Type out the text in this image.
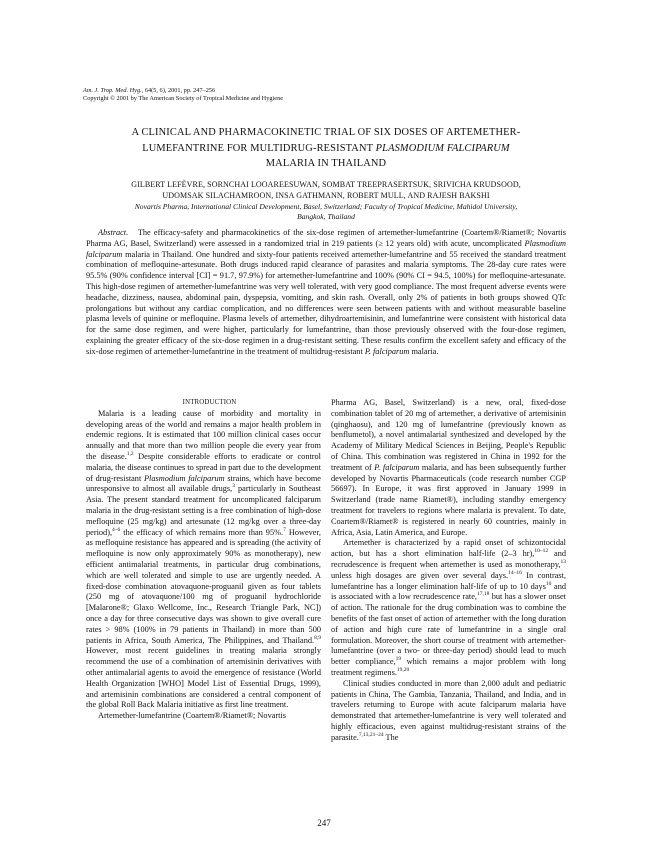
Am. J. Trop. Med. Hyg., 64(5, 6), 2001, pp. 247–256
Copyright © 2001 by The American Society of Tropical Medicine and Hygiene
A CLINICAL AND PHARMACOKINETIC TRIAL OF SIX DOSES OF ARTEMETHER-
LUMEFANTRINE FOR MULTIDRUG-RESISTANT PLASMODIUM FALCIPARUM
MALARIA IN THAILAND
GILBERT LEFÈVRE, SORNCHAI LOOAREESUWAN, SOMBAT TREEPRASERTSUK, SRIVICHA KRUDSOOD,
UDOMSAK SILACHAMROON, INSA GATHMANN, ROBERT MULL, AND RAJESH BAKSHI
Novartis Pharma, International Clinical Development, Basel, Switzerland; Faculty of Tropical Medicine, Mahidol University,
Bangkok, Thailand
Abstract. The efficacy-safety and pharmacokinetics of the six-dose regimen of artemether-lumefantrine (Coartem®/Riamet®; Novartis Pharma AG, Basel, Switzerland) were assessed in a randomized trial in 219 patients (≥ 12 years old) with acute, uncomplicated Plasmodium falciparum malaria in Thailand. One hundred and sixty-four patients received artemether-lumefantrine and 55 received the standard treatment combination of mefloquine-artesunate. Both drugs induced rapid clearance of parasites and malaria symptoms. The 28-day cure rates were 95.5% (90% confidence interval [CI] = 91.7, 97.9%) for artemether-lumefantrine and 100% (90% CI = 94.5, 100%) for mefloquine-artesunate. This high-dose regimen of artemether-lumefantrine was very well tolerated, with very good compliance. The most frequent adverse events were headache, dizziness, nausea, abdominal pain, dyspepsia, vomiting, and skin rash. Overall, only 2% of patients in both groups showed QTc prolongations but without any cardiac complication, and no differences were seen between patients with and without measurable baseline plasma levels of quinine or mefloquine. Plasma levels of artemether, dihydroartemisinin, and lumefantrine were consistent with historical data for the same dose regimen, and were higher, particularly for lumefantrine, than those previously observed with the four-dose regimen, explaining the greater efficacy of the six-dose regimen in a drug-resistant setting. These results confirm the excellent safety and efficacy of the six-dose regimen of artemether-lumefantrine in the treatment of multidrug-resistant P. falciparum malaria.

INTRODUCTION

Malaria is a leading cause of morbidity and mortality in developing areas of the world and remains a major health problem in endemic regions. It is estimated that 100 million clinical cases occur annually and that more than two million people die every year from the disease.$^{1,2}$ Despite considerable efforts to eradicate or control malaria, the disease continues to spread in part due to the development of drug-resistant Plasmodium falciparum strains, which have become unresponsive to almost all available drugs,$^3$ particularly in Southeast Asia. The present standard treatment for uncomplicated falciparum malaria in the drug-resistant setting is a free combination of high-dose mefloquine (25 mg/kg) and artesunate (12 mg/kg over a three-day period),$^{4-6}$ the efficacy of which remains more than 95%.$^7$ However, as mefloquine resistance has appeared and is spreading (the activity of mefloquine is now only approximately 90% as monotherapy), new efficient antimalarial treatments, in particular drug combinations, which are well tolerated and simple to use are urgently needed. A fixed-dose combination atovaquone-proguanil given as four tablets (250 mg of atovaquone/100 mg of proguanil hydrochloride [Malarone®; Glaxo Wellcome, Inc., Research Triangle Park, NC]) once a day for three consecutive days was shown to give overall cure rates > 98% (100% in 79 patients in Thailand) in more than 500 patients in Africa, South America, The Philippines, and Thailand.$^{8,9}$ However, most recent guidelines in treating malaria strongly recommend the use of a combination of artemisinin derivatives with other antimalarial agents to avoid the emergence of resistance (World Health Organization [WHO] Model List of Essential Drugs, 1999), and artemisinin combinations are considered a central component of the global Roll Back Malaria initiative as first line treatment.

Artemether-lumefantrine (Coartem®/Riamet®; Novartis

Pharma AG, Basel, Switzerland) is a new, oral, fixed-dose combination tablet of 20 mg of artemether, a derivative of artemisinin (qinghaosu), and 120 mg of lumefantrine (previously known as benflumetol), a novel antimalarial synthesized and developed by the Academy of Military Medical Sciences in Beijing, People's Republic of China. This combination was registered in China in 1992 for the treatment of P. falciparum malaria, and has been subsequently further developed by Novartis Pharmaceuticals (code research number CGP 56697). In Europe, it was first approved in January 1999 in Switzerland (trade name Riamet®), including standby emergency treatment for travelers to regions where malaria is prevalent. To date, Coartem®/Riamet® is registered in nearly 60 countries, mainly in Africa, Asia, Latin America, and Europe.

Artemether is characterized by a rapid onset of schizontocidal action, but has a short elimination half-life (2–3 hr),$^{10-12}$ and recrudescence is frequent when artemether is used as monotherapy,$^{13}$ unless high dosages are given over several days.$^{14-16}$ In contrast, lumefantrine has a longer elimination half-life of up to 10 days$^{10}$ and is associated with a low recrudescence rate,$^{17,18}$ but has a slower onset of action. The rationale for the drug combination was to combine the benefits of the fast onset of action of artemether with the long duration of action and high cure rate of lumefantrine in a single oral formulation. Moreover, the short course of treatment with artemether-lumefantrine (over a two- or three-day period) should lead to much better compliance,$^{19}$ which remains a major problem with long treatment regimens.$^{19,20}$

Clinical studies conducted in more than 2,000 adult and pediatric patients in China, The Gambia, Tanzania, Thailand, and India, and in travelers returning to Europe with acute falciparum malaria have demonstrated that artemether-lumefantrine is very well tolerated and highly efficacious, even against multidrug-resistant strains of the parasite.$^{7,13,21-24}$ The

247
